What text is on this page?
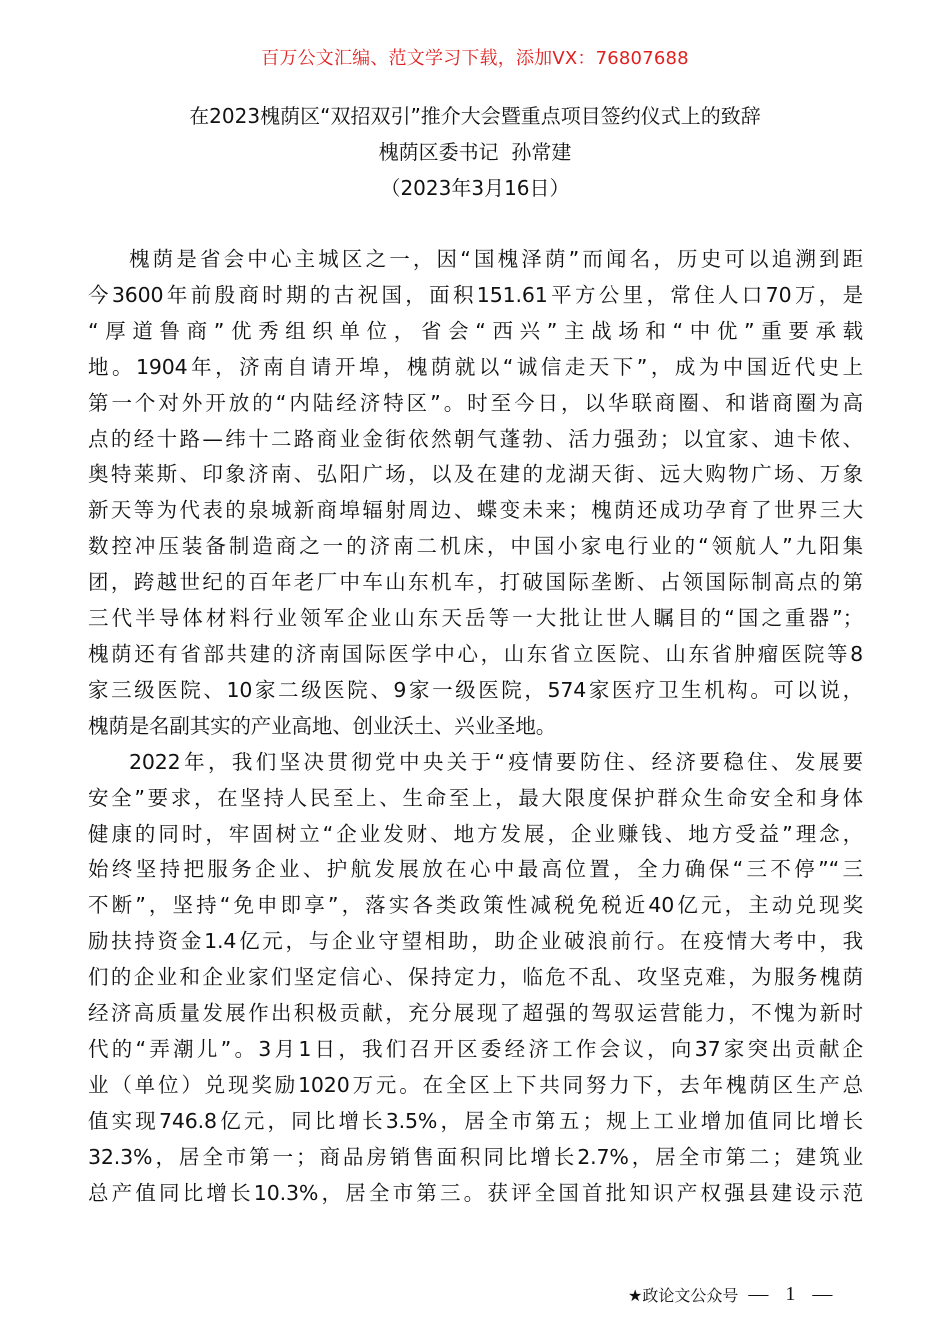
百万公文汇编、范文学习下载，添加VX：76807688
在2023槐荫区“双招双引”推介大会暨重点项目签约仪式上的致辞
槐荫区委书记  孙常建
（2023年3月16日）
槐荫是省会中心主城区之一，因“国槐泽荫”而闻名，历史可以追溯到距
今3600年前殷商时期的古祝国，面积151.61平方公里，常住人口70万，是
“厚道鲁商”优秀组织单位，省会“西兴”主战场和“中优”重要承载
地。1904年，济南自请开埠，槐荫就以“诚信走天下”，成为中国近代史上
第一个对外开放的“内陆经济特区”。时至今日，以华联商圈、和谐商圈为高
点的经十路—纬十二路商业金街依然朝气蓬勃、活力强劲；以宜家、迪卡侬、
奥特莱斯、印象济南、弘阳广场，以及在建的龙湖天街、远大购物广场、万象
新天等为代表的泉城新商埠辐射周边、蝶变未来；槐荫还成功孕育了世界三大
数控冲压装备制造商之一的济南二机床，中国小家电行业的“领航人”九阳集
团，跨越世纪的百年老厂中车山东机车，打破国际垄断、占领国际制高点的第
三代半导体材料行业领军企业山东天岳等一大批让世人瞩目的“国之重器”；
槐荫还有省部共建的济南国际医学中心，山东省立医院、山东省肿瘤医院等8
家三级医院、10家二级医院、9家一级医院，574家医疗卫生机构。可以说，
槐荫是名副其实的产业高地、创业沃土、兴业圣地。
2022年，我们坚决贯彻党中央关于“疫情要防住、经济要稳住、发展要
安全”要求，在坚持人民至上、生命至上，最大限度保护群众生命安全和身体
健康的同时，牢固树立“企业发财、地方发展，企业赚钱、地方受益”理念，
始终坚持把服务企业、护航发展放在心中最高位置，全力确保“三不停”“三
不断”，坚持“免申即享”，落实各类政策性减税免税近40亿元，主动兑现奖
励扶持资金1.4亿元，与企业守望相助，助企业破浪前行。在疫情大考中，我
们的企业和企业家们坚定信心、保持定力，临危不乱、攻坚克难，为服务槐荫
经济高质量发展作出积极贡献，充分展现了超强的驾驭运营能力，不愧为新时
代的“弄潮儿”。3月1日，我们召开区委经济工作会议，向37家突出贡献企
业（单位）兑现奖励1020万元。在全区上下共同努力下，去年槐荫区生产总
值实现746.8亿元，同比增长3.5%，居全市第五；规上工业增加值同比增长
32.3%，居全市第一；商品房销售面积同比增长2.7%，居全市第二；建筑业
总产值同比增长10.3%，居全市第三。获评全国首批知识产权强县建设示范
★政论文公众号 — 1 —
